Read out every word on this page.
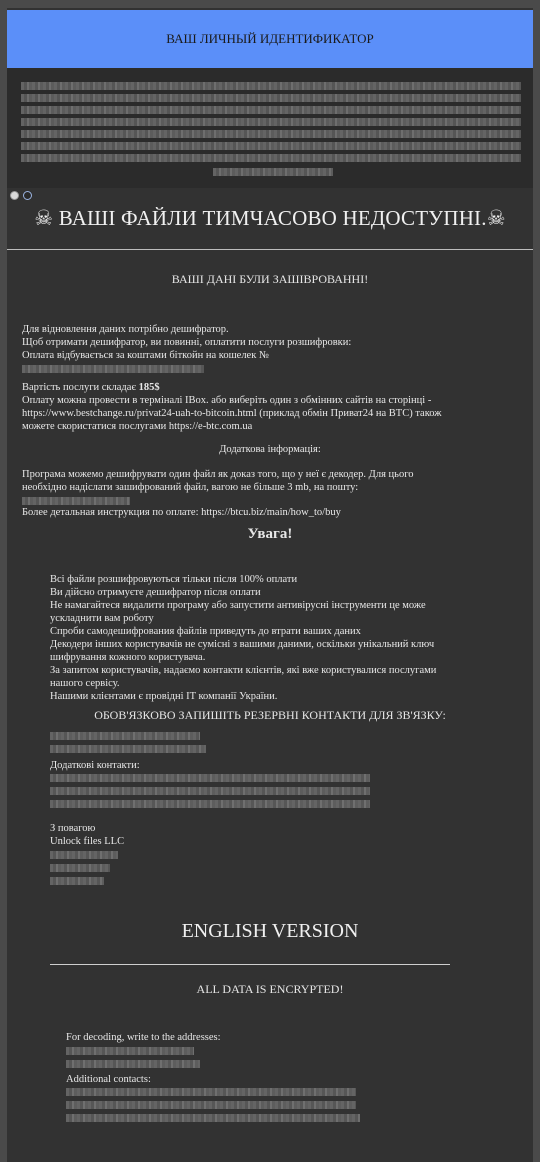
ВАШ ЛИЧНЫЙ ИДЕНТИФИКАТОР
☠ ВАШІ ФАЙЛИ ТИМЧАСОВО НЕДОСТУПНІ.☠
ВАШІ ДАНІ БУЛИ ЗАШІВРОВАННІ!
Для відновлення даних потрібно дешифратор.
Щоб отримати дешифратор, ви повинні, оплатити послуги розшифровки:
Оплата відбувається за коштами біткойн на кошелек №
Вартість послуги складає 185$
Оплату можна провести в терміналі IBox. або виберіть один з обмінних сайтів на сторінці -
https://www.bestchange.ru/privat24-uah-to-bitcoin.html (приклад обмін Приват24 на BTC) також
можете скористатися послугами https://e-btc.com.ua
Додаткова інформація:
Програма можемо дешифрувати один файл як доказ того, що у неї є декодер. Для цього
необхідно надіслати зашифрований файл, вагою не більше 3 mb, на пошту:
Более детальная инструкция по оплате: https://btcu.biz/main/how_to/buy
Увага!
Всі файли розшифровуються тільки після 100% оплати
Ви дійсно отримуєте дешифратор після оплати
Не намагайтеся видалити програму або запустити антивірусні інструменти це може
ускладнити вам роботу
Спроби самодешифрования файлів приведуть до втрати ваших даних
Декодери інших користувачів не сумісні з вашими даними, оскільки унікальний ключ
шифрування кожного користувача.
За запитом користувачів, надаємо контакти клієнтів, які вже користувалися послугами
нашого сервісу.
Нашими клієнтами є провідні IT компанії України.
ОБОВ'ЯЗКОВО ЗАПИШІТЬ РЕЗЕРВНІ КОНТАКТИ ДЛЯ ЗВ'ЯЗКУ:
Додаткові контакти:
З повагою
Unlock files LLC
ENGLISH VERSION
ALL DATA IS ENCRYPTED!
For decoding, write to the addresses:
Additional contacts:
